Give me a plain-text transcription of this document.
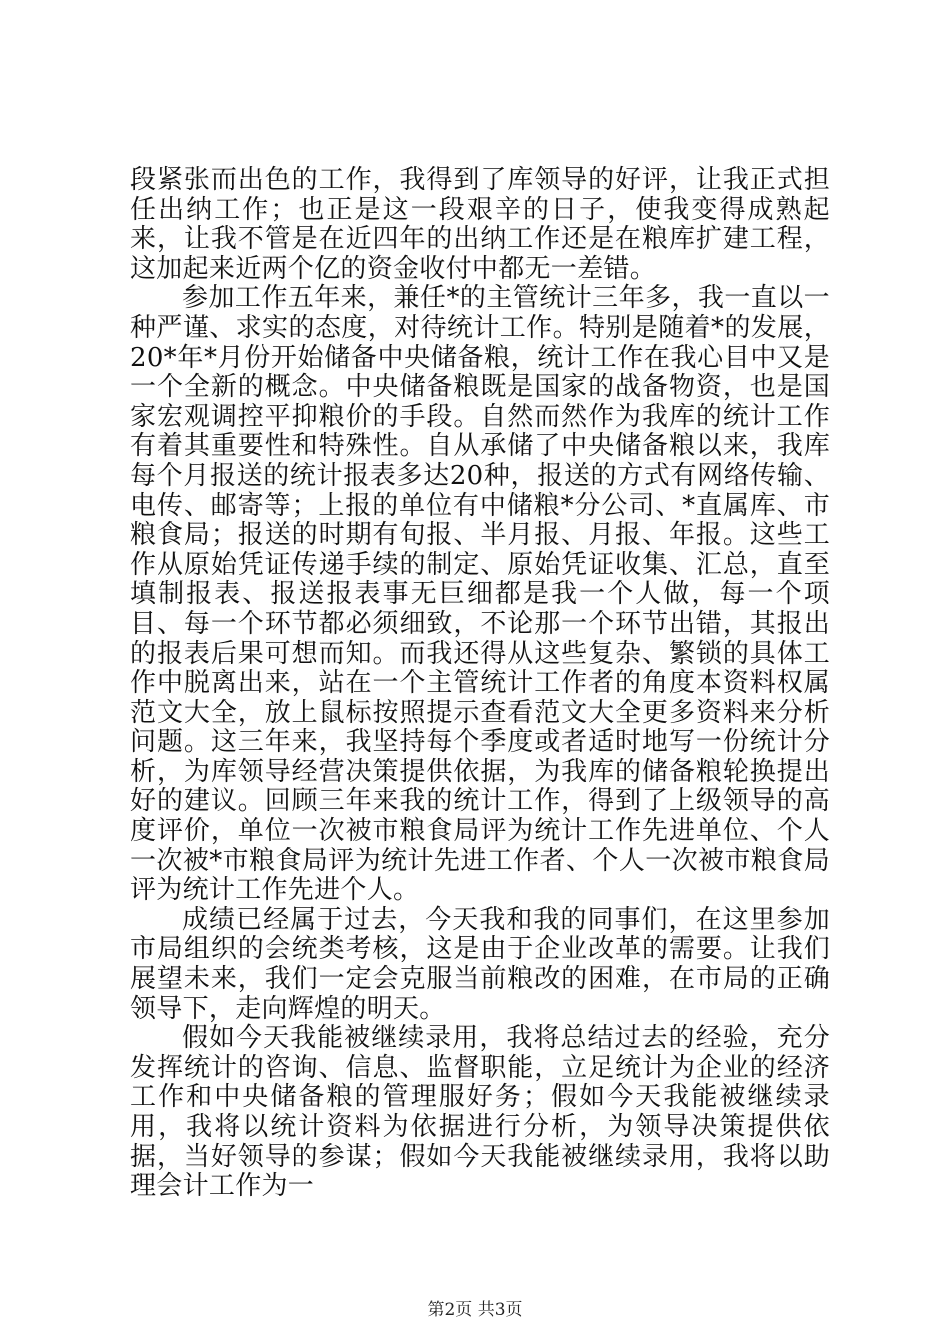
段紧张而出色的工作，我得到了库领导的好评，让我正式担任出纳工作；也正是这一段艰辛的日子，使我变得成熟起来，让我不管是在近四年的出纳工作还是在粮库扩建工程，这加起来近两个亿的资金收付中都无一差错。

参加工作五年来，兼任*的主管统计三年多，我一直以一种严谨、求实的态度，对待统计工作。特别是随着*的发展，20*年*月份开始储备中央储备粮，统计工作在我心目中又是一个全新的概念。中央储备粮既是国家的战备物资，也是国家宏观调控平抑粮价的手段。自然而然作为我库的统计工作有着其重要性和特殊性。自从承储了中央储备粮以来，我库每个月报送的统计报表多达20种，报送的方式有网络传输、电传、邮寄等；上报的单位有中储粮*分公司、*直属库、市粮食局；报送的时期有旬报、半月报、月报、年报。这些工作从原始凭证传递手续的制定、原始凭证收集、汇总，直至填制报表、报送报表事无巨细都是我一个人做，每一个项目、每一个环节都必须细致，不论那一个环节出错，其报出的报表后果可想而知。而我还得从这些复杂、繁锁的具体工作中脱离出来，站在一个主管统计工作者的角度本资料权属范文大全，放上鼠标按照提示查看范文大全更多资料来分析问题。这三年来，我坚持每个季度或者适时地写一份统计分析，为库领导经营决策提供依据，为我库的储备粮轮换提出好的建议。回顾三年来我的统计工作，得到了上级领导的高度评价，单位一次被市粮食局评为统计工作先进单位、个人一次被*市粮食局评为统计先进工作者、个人一次被市粮食局评为统计工作先进个人。

成绩已经属于过去，今天我和我的同事们，在这里参加市局组织的会统类考核，这是由于企业改革的需要。让我们展望未来，我们一定会克服当前粮改的困难，在市局的正确领导下，走向辉煌的明天。

假如今天我能被继续录用，我将总结过去的经验，充分发挥统计的咨询、信息、监督职能，立足统计为企业的经济工作和中央储备粮的管理服好务；假如今天我能被继续录用，我将以统计资料为依据进行分析，为领导决策提供依据，当好领导的参谋；假如今天我能被继续录用，我将以助理会计工作为一

第2页 共3页
